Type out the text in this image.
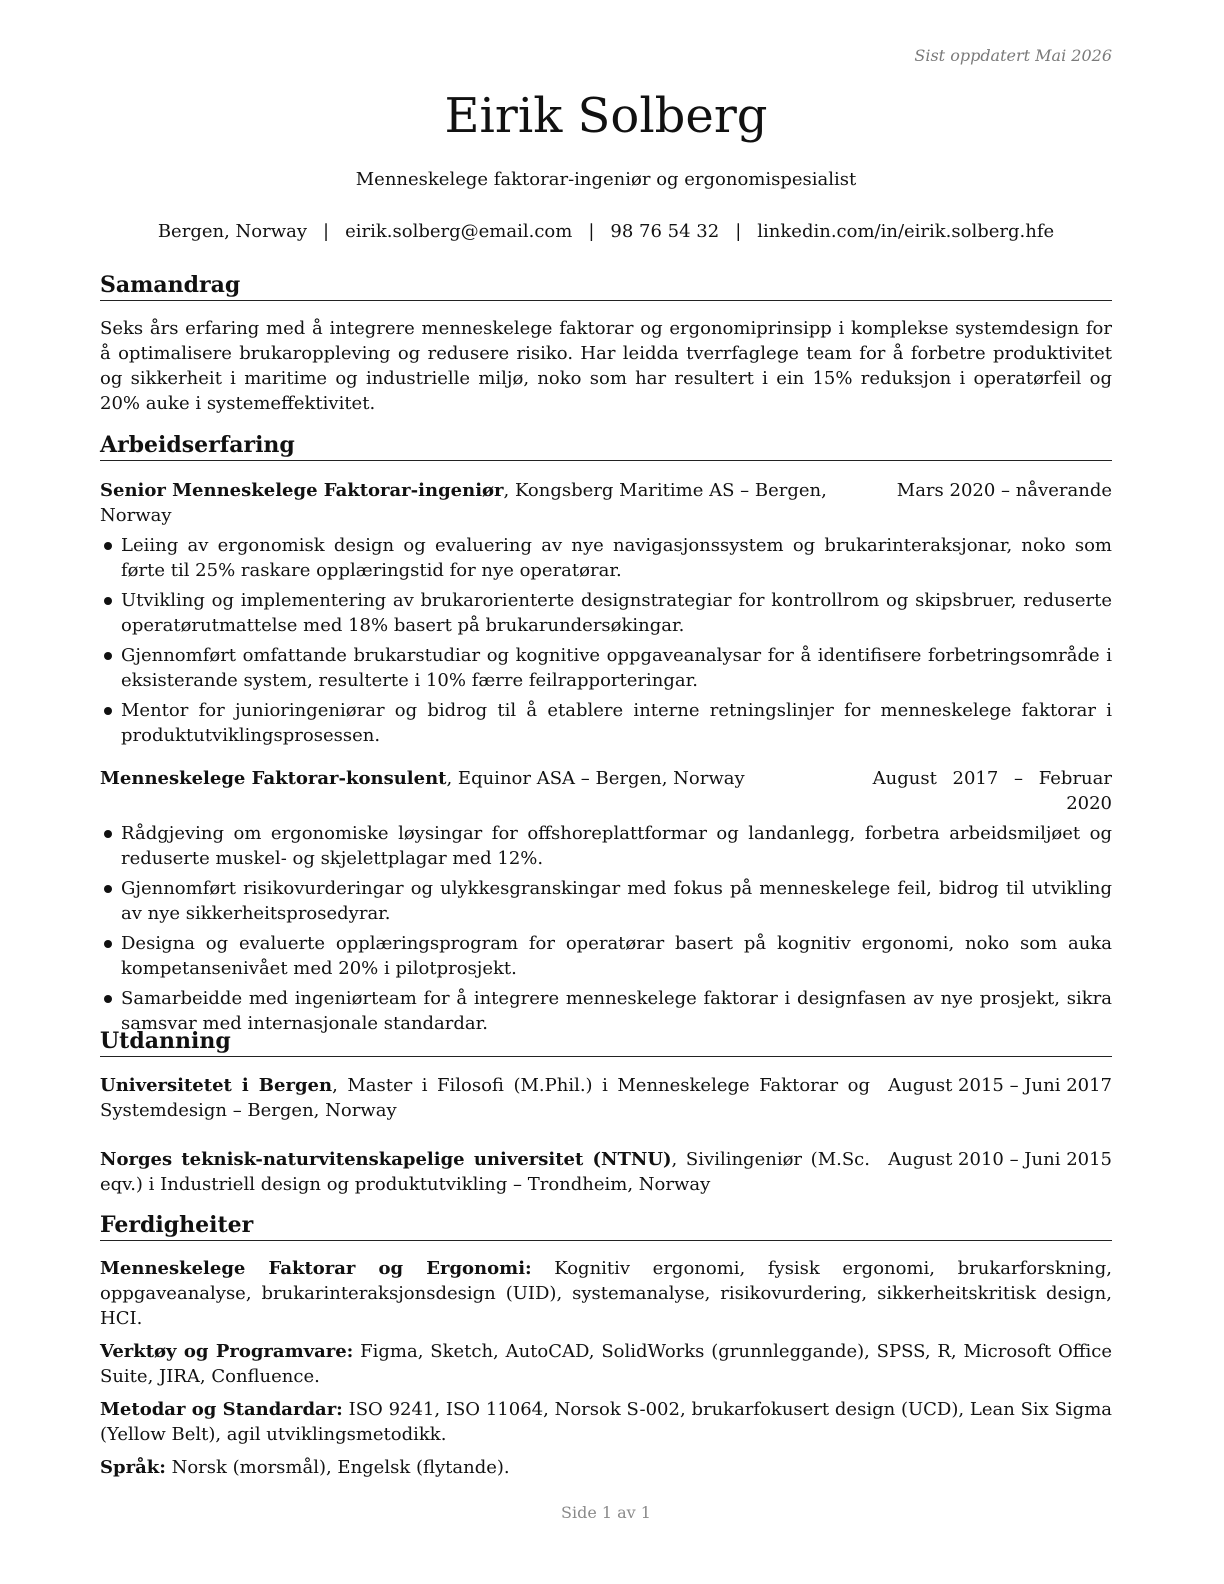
Sist oppdatert Mai 2026
Eirik Solberg
Menneskelege faktorar-ingeniør og ergonomispesialist
Bergen, Norway | eirik.solberg@email.com | 98 76 54 32 | linkedin.com/in/eirik.solberg.hfe
Samandrag

Seks års erfaring med å integrere menneskelege faktorar og ergonomiprinsipp i komplekse systemdesign for å optimalisere brukaroppleving og redusere risiko. Har leidda tverrfaglege team for å forbetre produktivitet og sikkerheit i maritime og industrielle miljø, noko som har resultert i ein 15% reduksjon i operatørfeil og 20% auke i systemeffektivitet.

Arbeidserfaring
Senior Menneskelege Faktorar-ingeniør, Kongsberg Maritime AS – Bergen, Norway
Mars 2020 – nåverande
Leiing av ergonomisk design og evaluering av nye navigasjonssystem og brukarinteraksjonar, noko som førte til 25% raskare opplæringstid for nye operatørar.
Utvikling og implementering av brukarorienterte designstrategiar for kontrollrom og skipsbruer, reduserte operatørutmattelse med 18% basert på brukarundersøkingar.
Gjennomført omfattande brukarstudiar og kognitive oppgaveanalysar for å identifisere forbetringsområde i eksisterande system, resulterte i 10% færre feilrapporteringar.
Mentor for junioringeniørar og bidrog til å etablere interne retningslinjer for menneskelege faktorar i produktutviklingsprosessen.
Menneskelege Faktorar-konsulent, Equinor ASA – Bergen, Norway	August 2017 – Februar
2020
Rådgjeving om ergonomiske løysingar for offshoreplattformar og landanlegg, forbetra arbeidsmiljøet og reduserte muskel- og skjelettplagar med 12%.
Gjennomført risikovurderingar og ulykkesgranskingar med fokus på menneskelege feil, bidrog til utvikling av nye sikkerheitsprosedyrar.
Designa og evaluerte opplæringsprogram for operatørar basert på kognitiv ergonomi, noko som auka kompetansenivået med 20% i pilotprosjekt.
Samarbeidde med ingeniørteam for å integrere menneskelege faktorar i designfasen av nye prosjekt, sikra samsvar med internasjonale standardar.
Utdanning
Universitetet i Bergen, Master i Filosofi (M.Phil.) i Menneskelege Faktorar og Systemdesign – Bergen, Norway
August 2015 – Juni 2017
Norges teknisk-naturvitenskapelige universitet (NTNU), Sivilingeniør (M.Sc. eqv.) i Industriell design og produktutvikling – Trondheim, Norway
August 2010 – Juni 2015
Ferdigheiter

Menneskelege Faktorar og Ergonomi: Kognitiv ergonomi, fysisk ergonomi, brukarforskning, oppgaveanalyse, brukarinteraksjonsdesign (UID), systemanalyse, risikovurdering, sikkerheitskritisk design, HCI.

Verktøy og Programvare: Figma, Sketch, AutoCAD, SolidWorks (grunnleggande), SPSS, R, Microsoft Office Suite, JIRA, Confluence.

Metodar og Standardar: ISO 9241, ISO 11064, Norsok S-002, brukarfokusert design (UCD), Lean Six Sigma (Yellow Belt), agil utviklingsmetodikk.

Språk: Norsk (morsmål), Engelsk (flytande).

Side 1 av 1
